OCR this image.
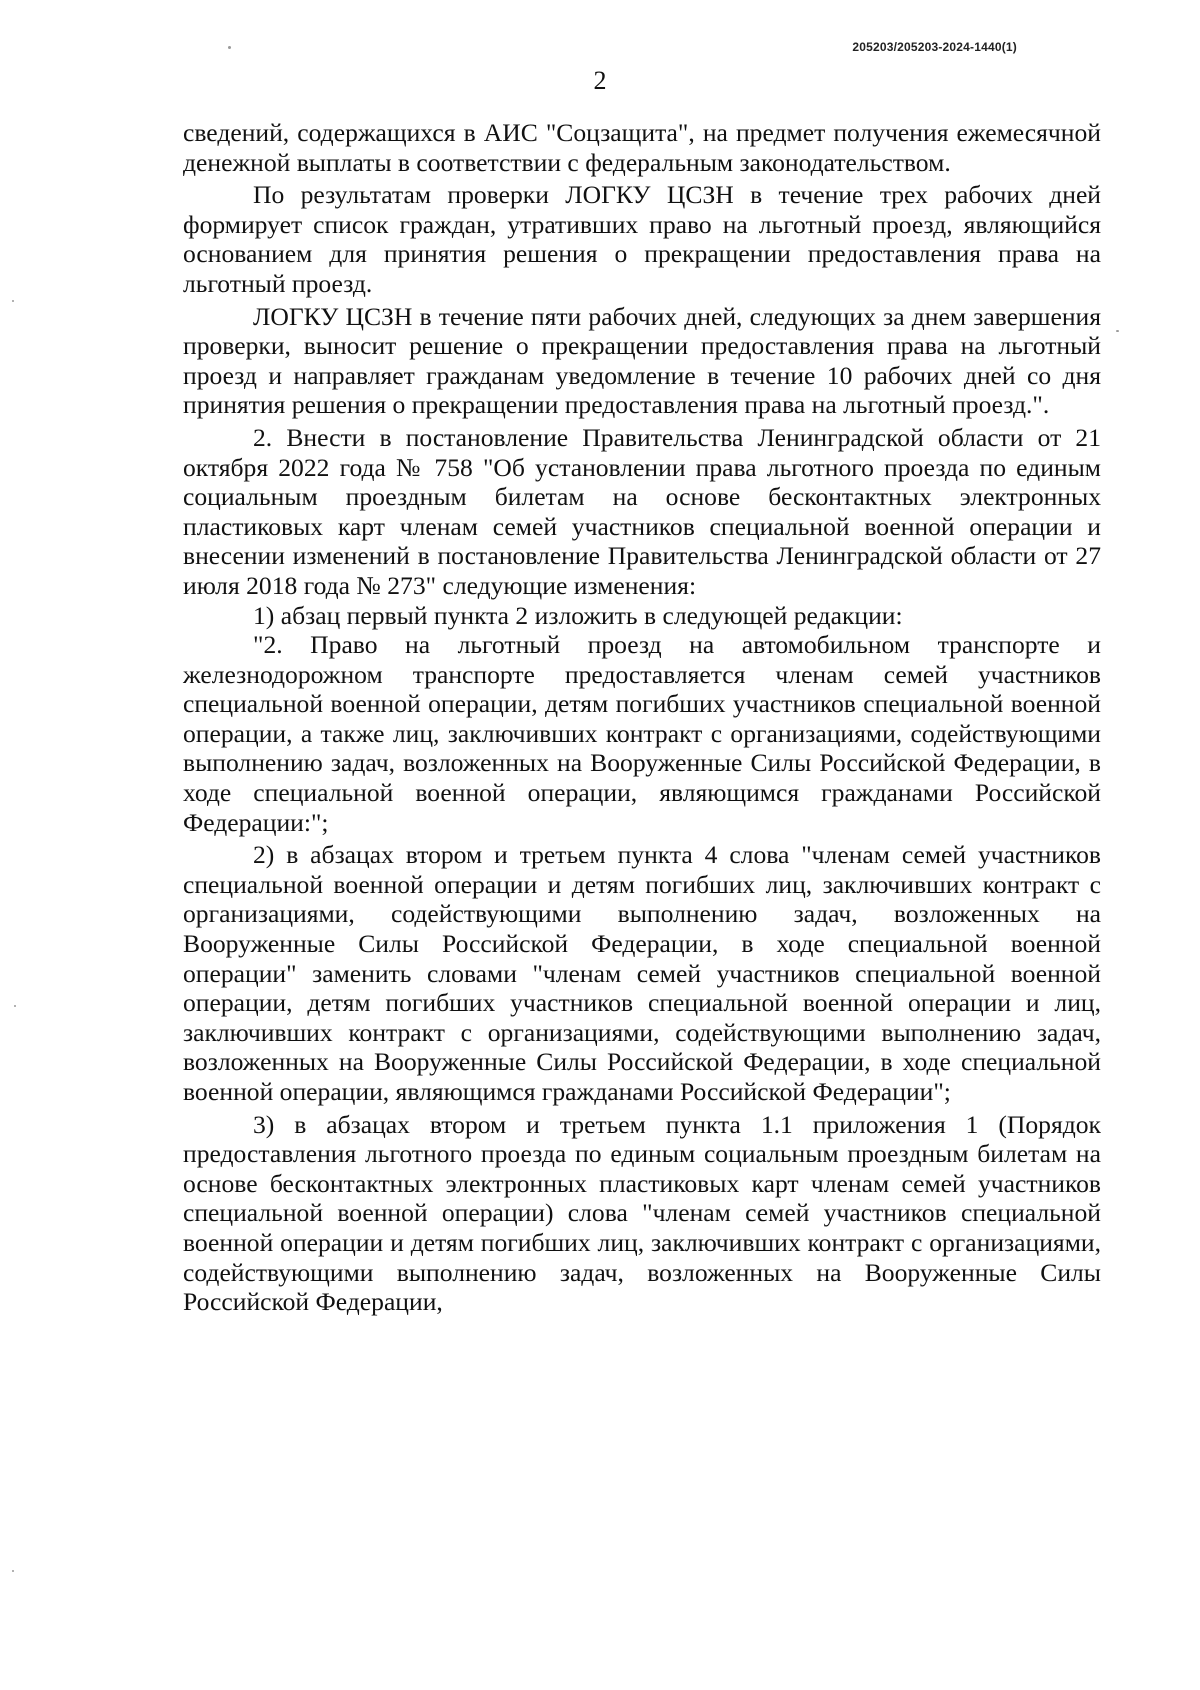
205203/205203-2024-1440(1)
2

сведений, содержащихся в АИС "Соцзащита", на предмет получения ежемесячной денежной выплаты в соответствии с федеральным законодательством.

По результатам проверки ЛОГКУ ЦСЗН в течение трех рабочих дней формирует список граждан, утративших право на льготный проезд, являющийся основанием для принятия решения о прекращении предоставления права на льготный проезд.

ЛОГКУ ЦСЗН в течение пяти рабочих дней, следующих за днем завершения проверки, выносит решение о прекращении предоставления права на льготный проезд и направляет гражданам уведомление в течение 10 рабочих дней со дня принятия решения о прекращении предоставления права на льготный проезд.".

2. Внести в постановление Правительства Ленинградской области от 21 октября 2022 года № 758 "Об установлении права льготного проезда по единым социальным проездным билетам на основе бесконтактных электронных пластиковых карт членам семей участников специальной военной операции и внесении изменений в постановление Правительства Ленинградской области от 27 июля 2018 года № 273" следующие изменения:

1) абзац первый пункта 2 изложить в следующей редакции:

"2. Право на льготный проезд на автомобильном транспорте и железнодорожном транспорте предоставляется членам семей участников специальной военной операции, детям погибших участников специальной военной операции, а также лиц, заключивших контракт с организациями, содействующими выполнению задач, возложенных на Вооруженные Силы Российской Федерации, в ходе специальной военной операции, являющимся гражданами Российской Федерации:";

2) в абзацах втором и третьем пункта 4 слова "членам семей участников специальной военной операции и детям погибших лиц, заключивших контракт с организациями, содействующими выполнению задач, возложенных на Вооруженные Силы Российской Федерации, в ходе специальной военной операции" заменить словами "членам семей участников специальной военной операции, детям погибших участников специальной военной операции и лиц, заключивших контракт с организациями, содействующими выполнению задач, возложенных на Вооруженные Силы Российской Федерации, в ходе специальной военной операции, являющимся гражданами Российской Федерации";

3) в абзацах втором и третьем пункта 1.1 приложения 1 (Порядок предоставления льготного проезда по единым социальным проездным билетам на основе бесконтактных электронных пластиковых карт членам семей участников специальной военной операции) слова "членам семей участников специальной военной операции и детям погибших лиц, заключивших контракт с организациями, содействующими выполнению задач, возложенных на Вооруженные Силы Российской Федерации,
